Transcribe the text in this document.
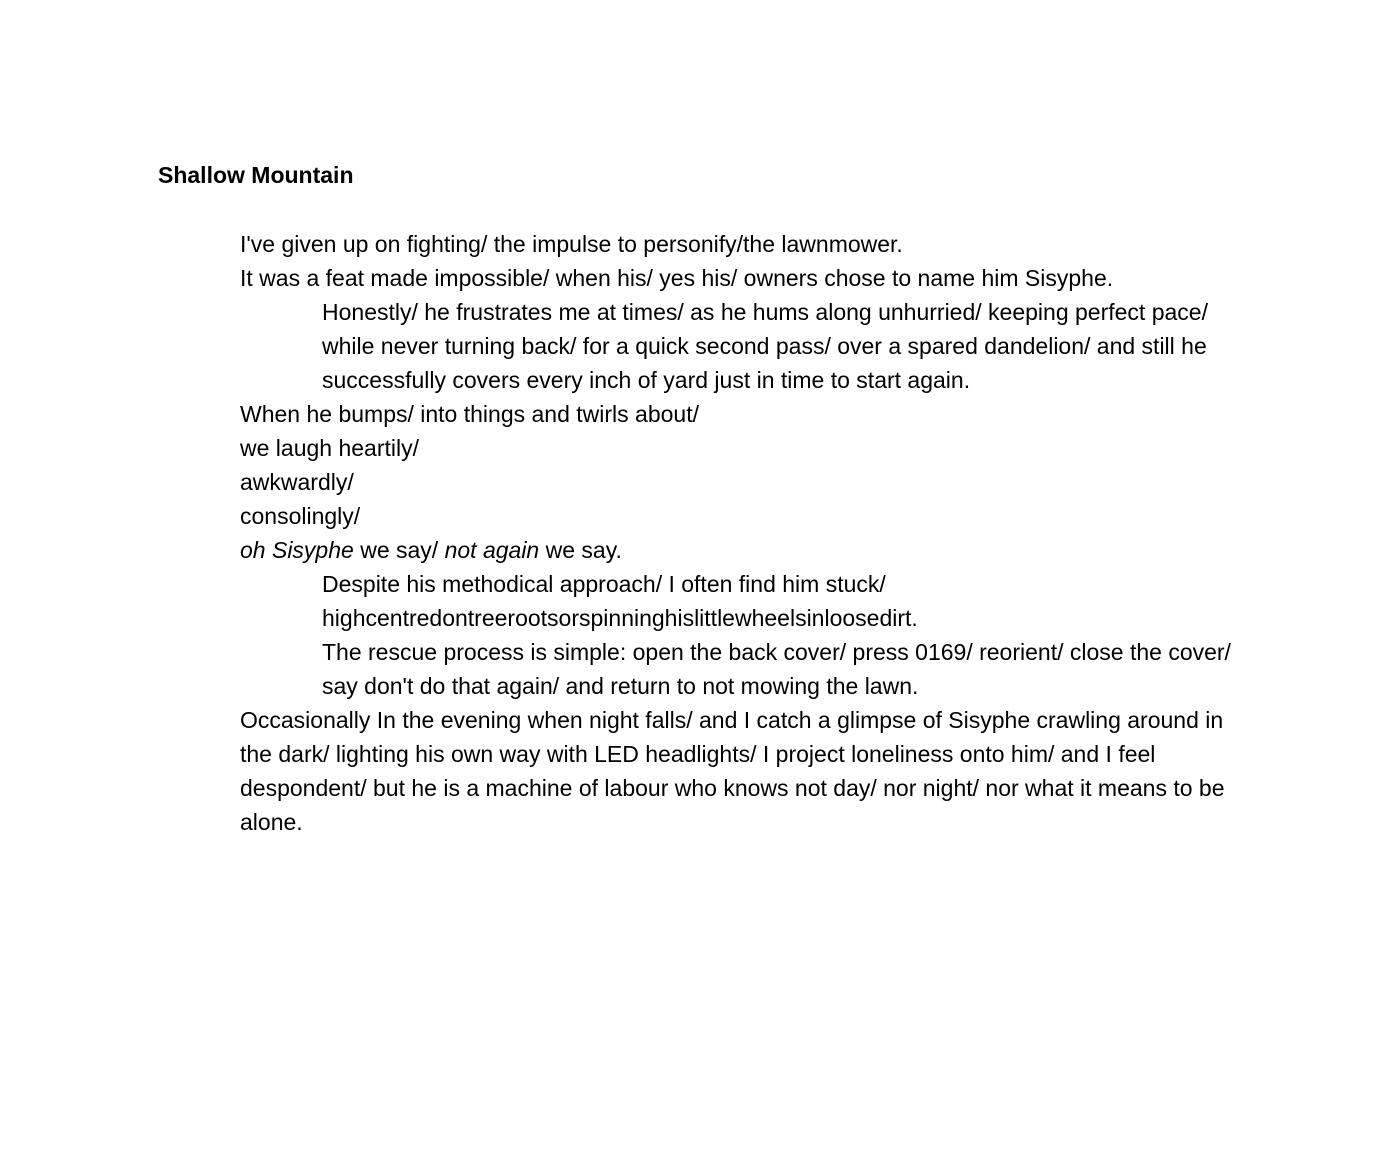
Shallow Mountain

I've given up on fighting/ the impulse to personify/the lawnmower.

It was a feat made impossible/ when his/ yes his/ owners chose to name him Sisyphe.

Honestly/ he frustrates me at times/ as he hums along unhurried/ keeping perfect pace/ while never turning back/ for a quick second pass/ over a spared dandelion/ and still he successfully covers every inch of yard just in time to start again.

When he bumps/ into things and twirls about/

we laugh heartily/

awkwardly/

consolingly/

oh Sisyphe we say/ not again we say.

Despite his methodical approach/ I often find him stuck/

highcentredontreerootsorspinninghislittlewheelsinloosedirt.

The rescue process is simple: open the back cover/ press 0169/ reorient/ close the cover/ say don't do that again/ and return to not mowing the lawn.

Occasionally In the evening when night falls/ and I catch a glimpse of Sisyphe crawling around in the dark/ lighting his own way with LED headlights/ I project loneliness onto him/ and I feel despondent/ but he is a machine of labour who knows not day/ nor night/ nor what it means to be alone.
